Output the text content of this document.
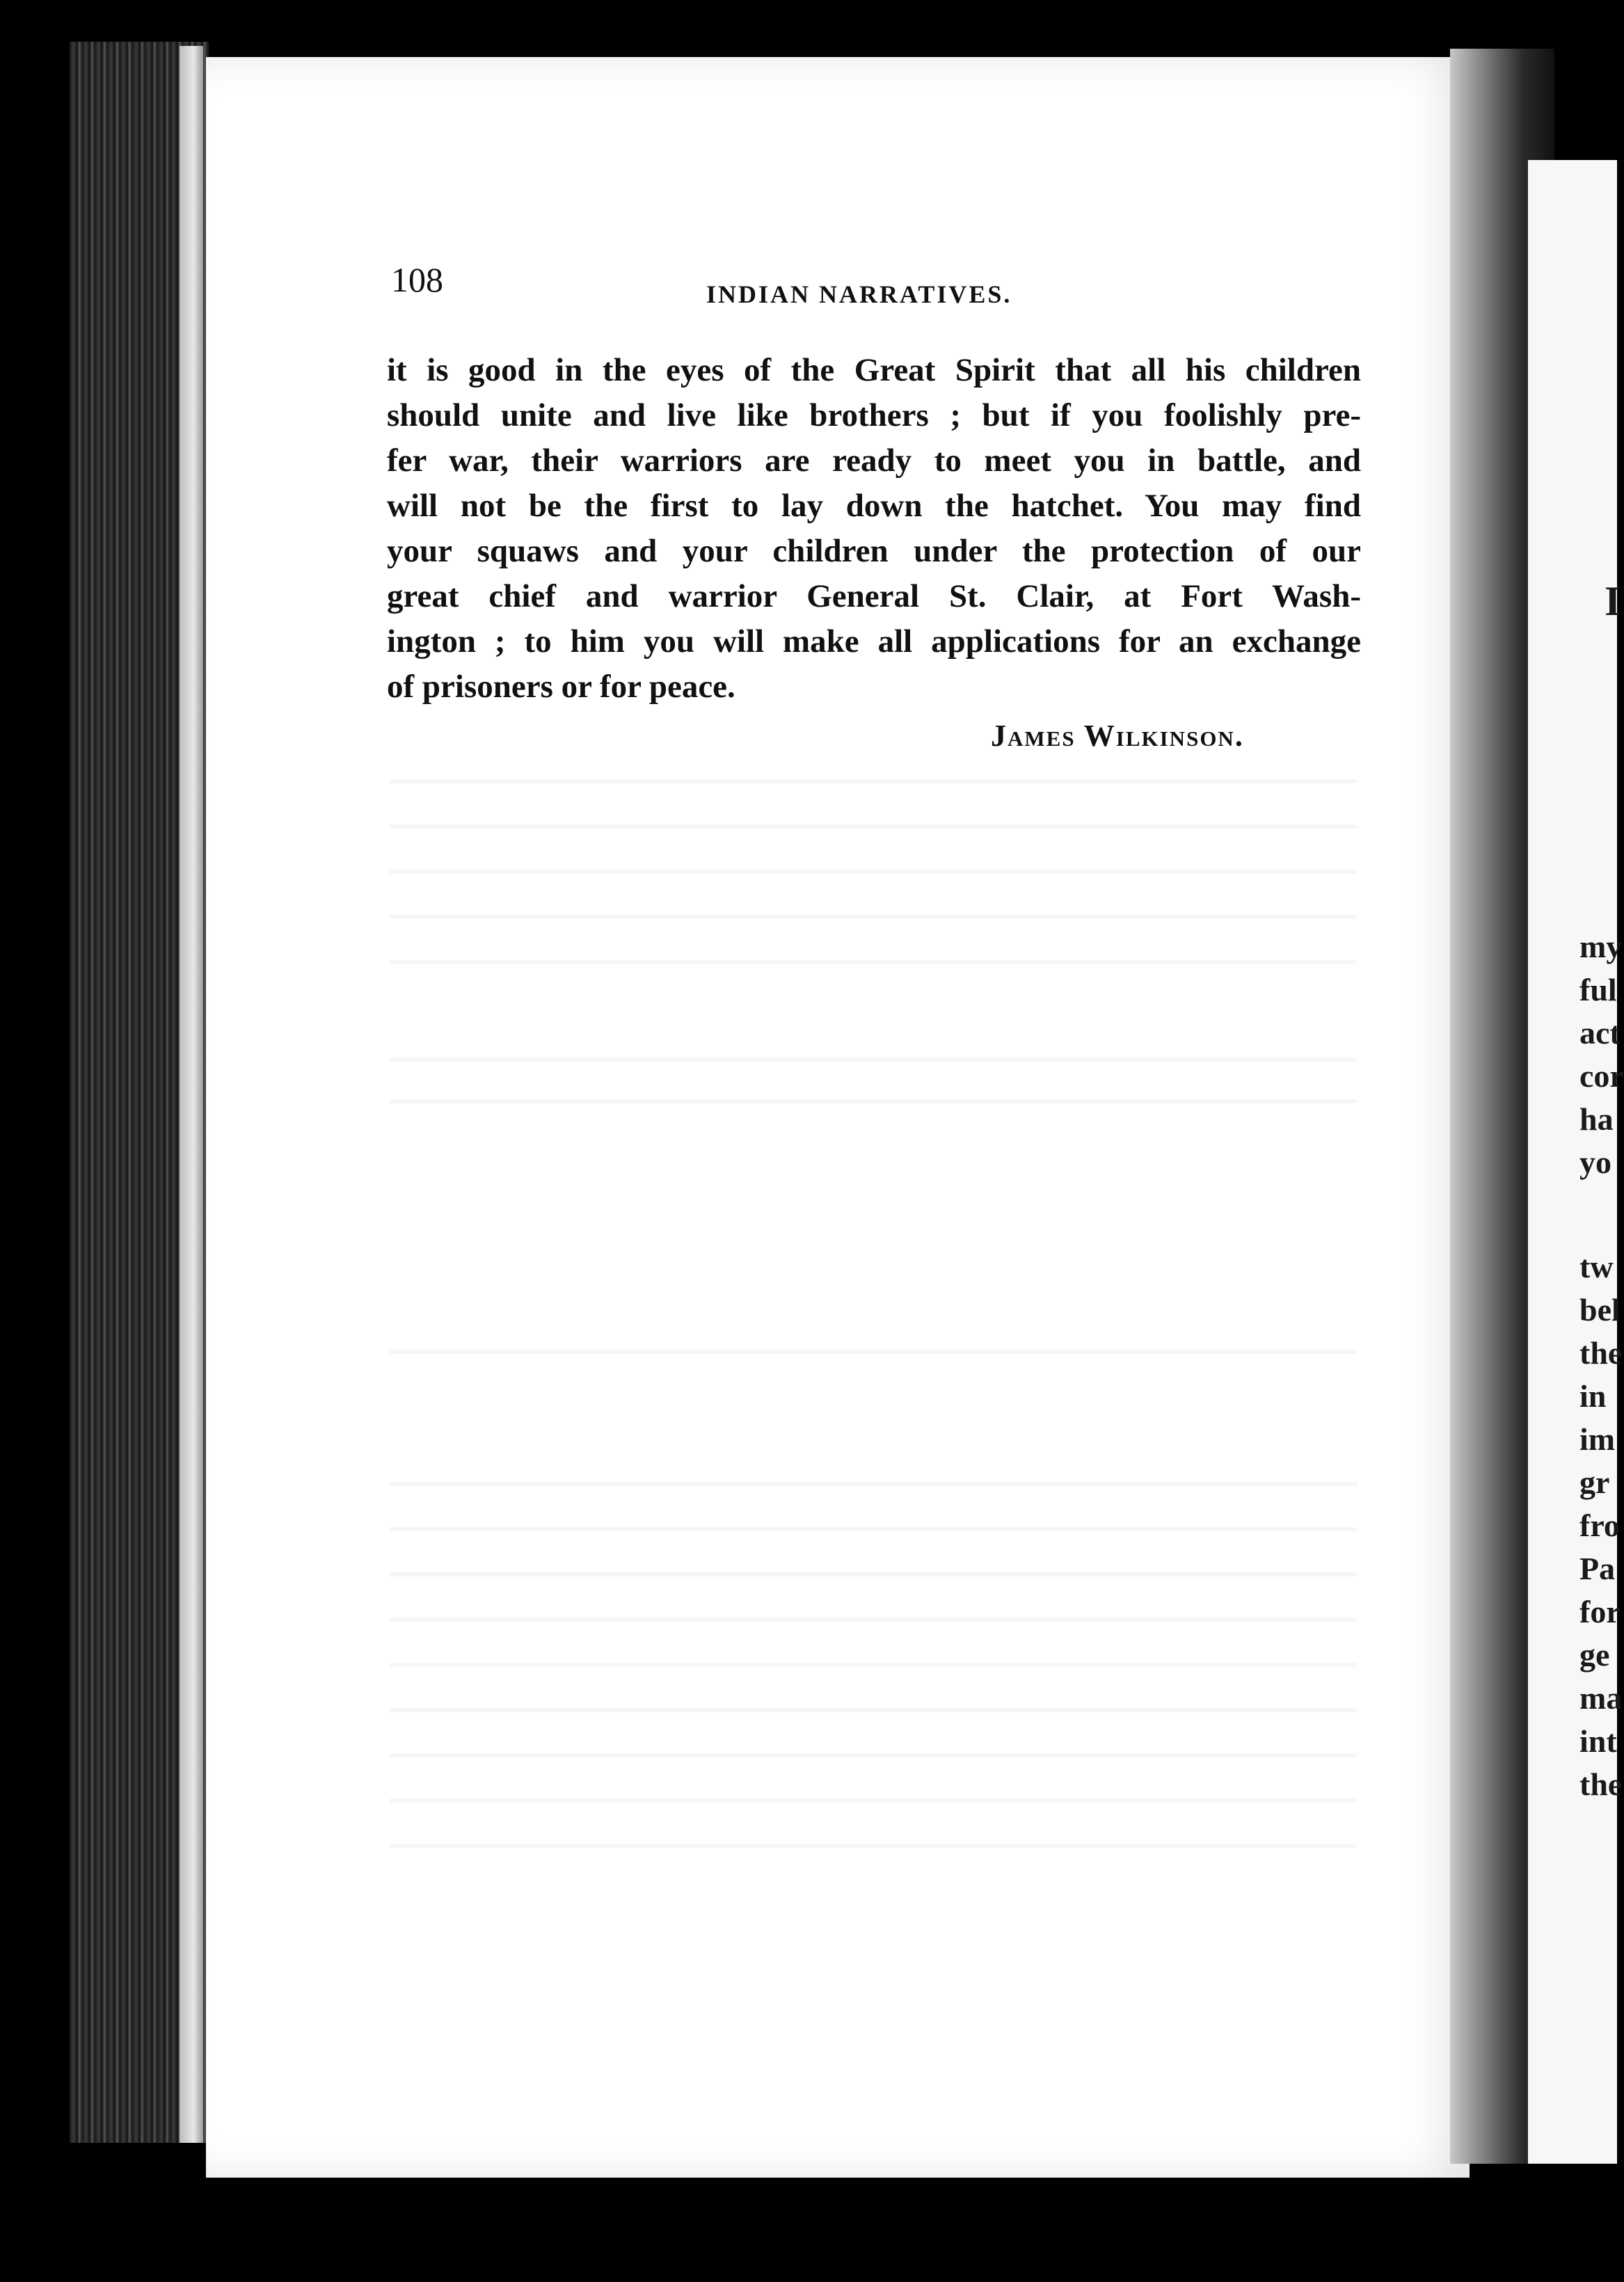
108	INDIAN NARRATIVES.
it is good in the eyes of the Great Spirit that all his children
should unite and live like brothers ; but if you foolishly pre-
fer war, their warriors are ready to meet you in battle, and
will not be the first to lay down the hatchet. You may find
your squaws and your children under the protection of our
great chief and warrior General St. Clair, at Fort Wash-
ington ; to him you will make all applications for an exchange
of prisoners or for peace.
James Wilkinson.
I
my
ful
act
cor
ha
yo
tw
bel
the
in
im
gr
fro
Pa
for
ge
ma
int
the
